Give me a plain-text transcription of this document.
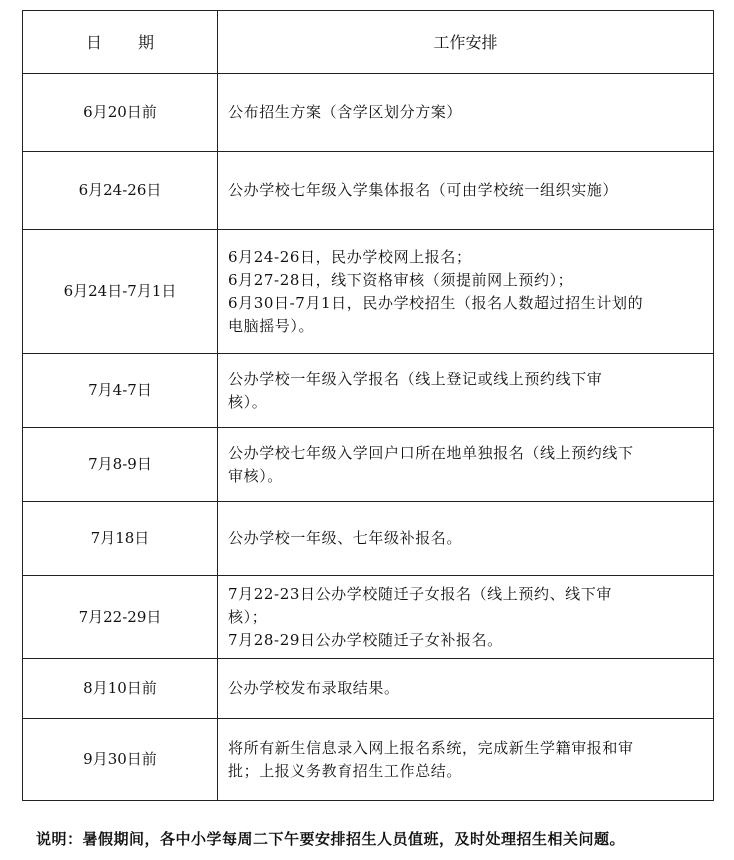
日期	工作安排
6月20日前	公布招生方案（含学区划分方案）

6月24-26日	公办学校七年级入学集体报名（可由学校统一组织实施）

6月24日-7月1日	6月24-26日，民办学校网上报名；
6月27-28日，线下资格审核（须提前网上预约）；
6月30日-7月1日，民办学校招生（报名人数超过招生计划的
电脑摇号）。

7月4-7日	公办学校一年级入学报名（线上登记或线上预约线下审
核）。

7月8-9日	公办学校七年级入学回户口所在地单独报名（线上预约线下
审核）。

7月18日	公办学校一年级、七年级补报名。

7月22-29日	7月22-23日公办学校随迁子女报名（线上预约、线下审
核）；
7月28-29日公办学校随迁子女补报名。

8月10日前	公办学校发布录取结果。

9月30日前	将所有新生信息录入网上报名系统，完成新生学籍审报和审
批；上报义务教育招生工作总结。
说明：暑假期间，各中小学每周二下午要安排招生人员值班，及时处理招生相关问题。
